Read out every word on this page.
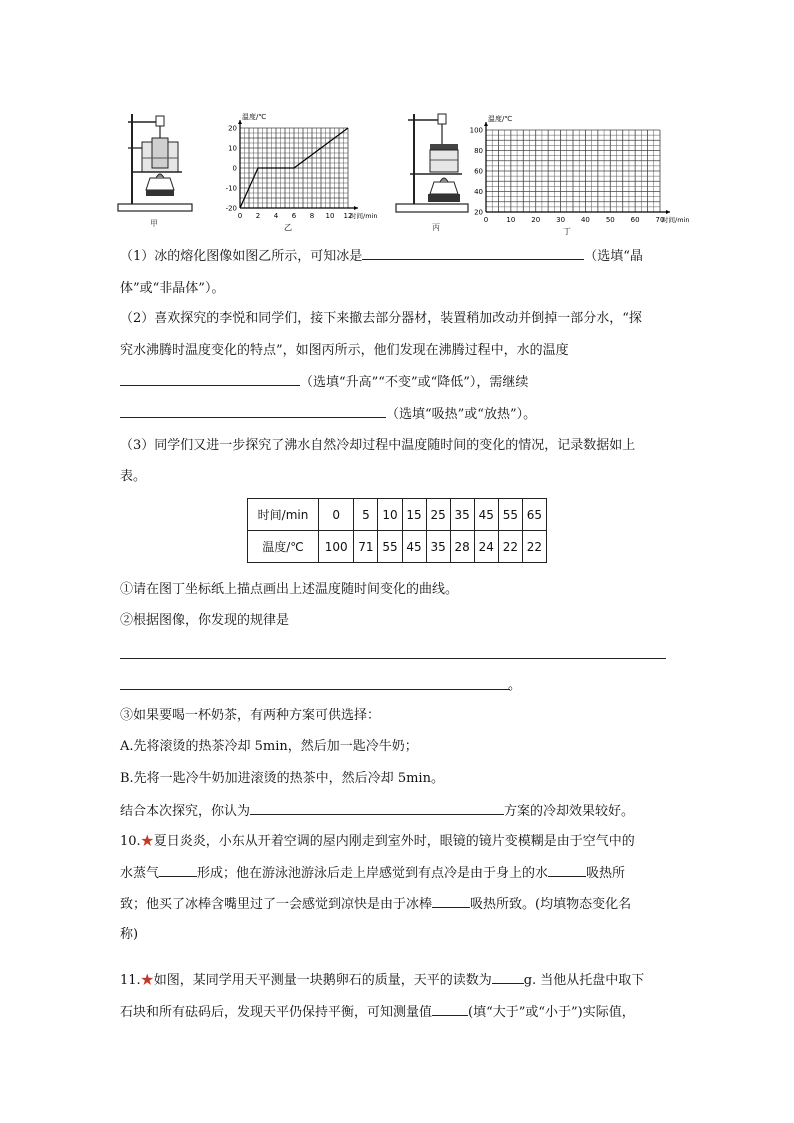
甲
温度/℃
时间/min
0 2 4 6 8 10 12
20
10
0
-10
-20
乙	丙
温度/℃
时间/min
0	10 20 30 40 50 60 70
100
80
60
40
20
丁
（1）冰的熔化图像如图乙所示，可知冰是	（选填“晶
体”或“非晶体”）。
（2）喜欢探究的李悦和同学们，接下来撤去部分器材，装置稍加改动并倒掉一部分水，“探
究水沸腾时温度变化的特点”，如图丙所示，他们发现在沸腾过程中，水的温度
（选填“升高”“不变”或“降低”），需继续
（选填“吸热”或“放热”）。
（3）同学们又进一步探究了沸水自然冷却过程中温度随时间的变化的情况，记录数据如上
表。
时间/min	0	5	10	15	25	35	45	55	65
温度/℃	100	71	55	45	35	28	24	22	22
①请在图丁坐标纸上描点画出上述温度随时间变化的曲线。
②根据图像，你发现的规律是
。
③如果要喝一杯奶茶，有两种方案可供选择：
A.先将滚烫的热茶冷却 5min，然后加一匙冷牛奶；
B.先将一匙冷牛奶加进滚烫的热茶中，然后冷却 5min。
结合本次探究，你认为	方案的冷却效果较好。
10.★夏日炎炎，小东从开着空调的屋内刚走到室外时，眼镜的镜片变模糊是由于空气中的
水蒸气	形成；他在游泳池游泳后走上岸感觉到有点冷是由于身上的水	吸热所
致；他买了冰棒含嘴里过了一会感觉到凉快是由于冰棒	吸热所致。(均填物态变化名
称)
11.★如图，某同学用天平测量一块鹅卵石的质量，天平的读数为 g. 当他从托盘中取下
石块和所有砝码后，发现天平仍保持平衡，可知测量值	(填“大于”或“小于”)实际值，
